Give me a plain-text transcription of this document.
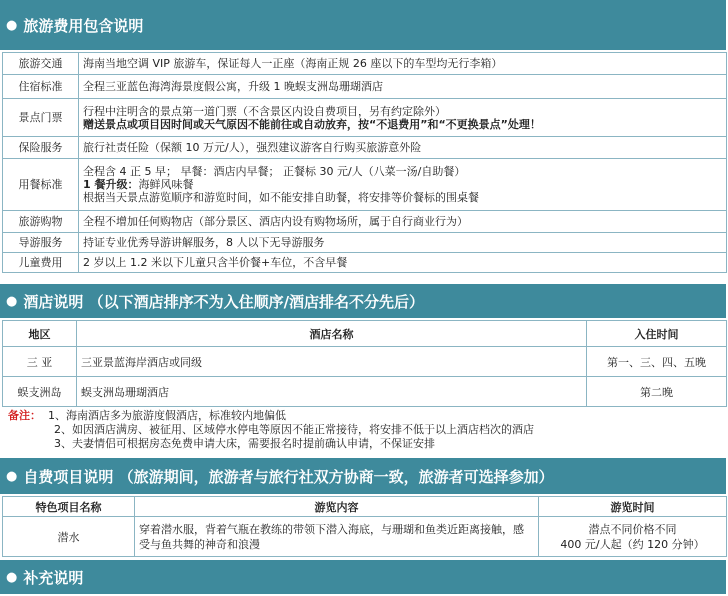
● 旅游费用包含说明
旅游交通	海南当地空调 VIP 旅游车，保证每人一正座（海南正规 26 座以下的车型均无行李箱）
住宿标准	全程三亚蓝色海湾海景度假公寓，升级 1 晚蜈支洲岛珊瑚酒店
景点门票	行程中注明含的景点第一道门票（不含景区内设自费项目，另有约定除外）
赠送景点或项目因时间或天气原因不能前往或自动放弃，按“不退费用”和“不更换景点”处理！

保险服务	旅行社责任险（保额 10 万元/人），强烈建议游客自行购买旅游意外险
用餐标准	全程含 4 正 5 早； 早餐：酒店内早餐； 正餐标 30 元/人（八菜一汤/自助餐）
1 餐升级：海鲜风味餐
根据当天景点游览顺序和游览时间，如不能安排自助餐，将安排等价餐标的围桌餐

旅游购物	全程不增加任何购物店（部分景区、酒店内设有购物场所，属于自行商业行为）
导游服务	持证专业优秀导游讲解服务，8 人以下无导游服务
儿童费用	2 岁以上 1.2 米以下儿童只含半价餐+车位，不含早餐
● 酒店说明 （以下酒店排序不为入住顺序/酒店排名不分先后）
地区	酒店名称	入住时间
三 亚	三亚景蓝海岸酒店或同级	第一、三、四、五晚
蜈支洲岛	蜈支洲岛珊瑚酒店	第二晚
备注： 1、海南酒店多为旅游度假酒店，标准较内地偏低
2、如因酒店满房、被征用、区域停水停电等原因不能正常接待，将安排不低于以上酒店档次的酒店
3、夫妻情侣可根据房态免费申请大床，需要报名时提前确认申请，不保证安排
● 自费项目说明 （旅游期间，旅游者与旅行社双方协商一致，旅游者可选择参加）
特色项目名称	游览内容	游览时间
潜水	穿着潜水服，背着气瓶在教练的带领下潜入海底，与珊瑚和鱼类近距离接触，感受与鱼共舞的神奇和浪漫	潜点不同价格不同
400 元/人起（约 120 分钟）
● 补充说明
